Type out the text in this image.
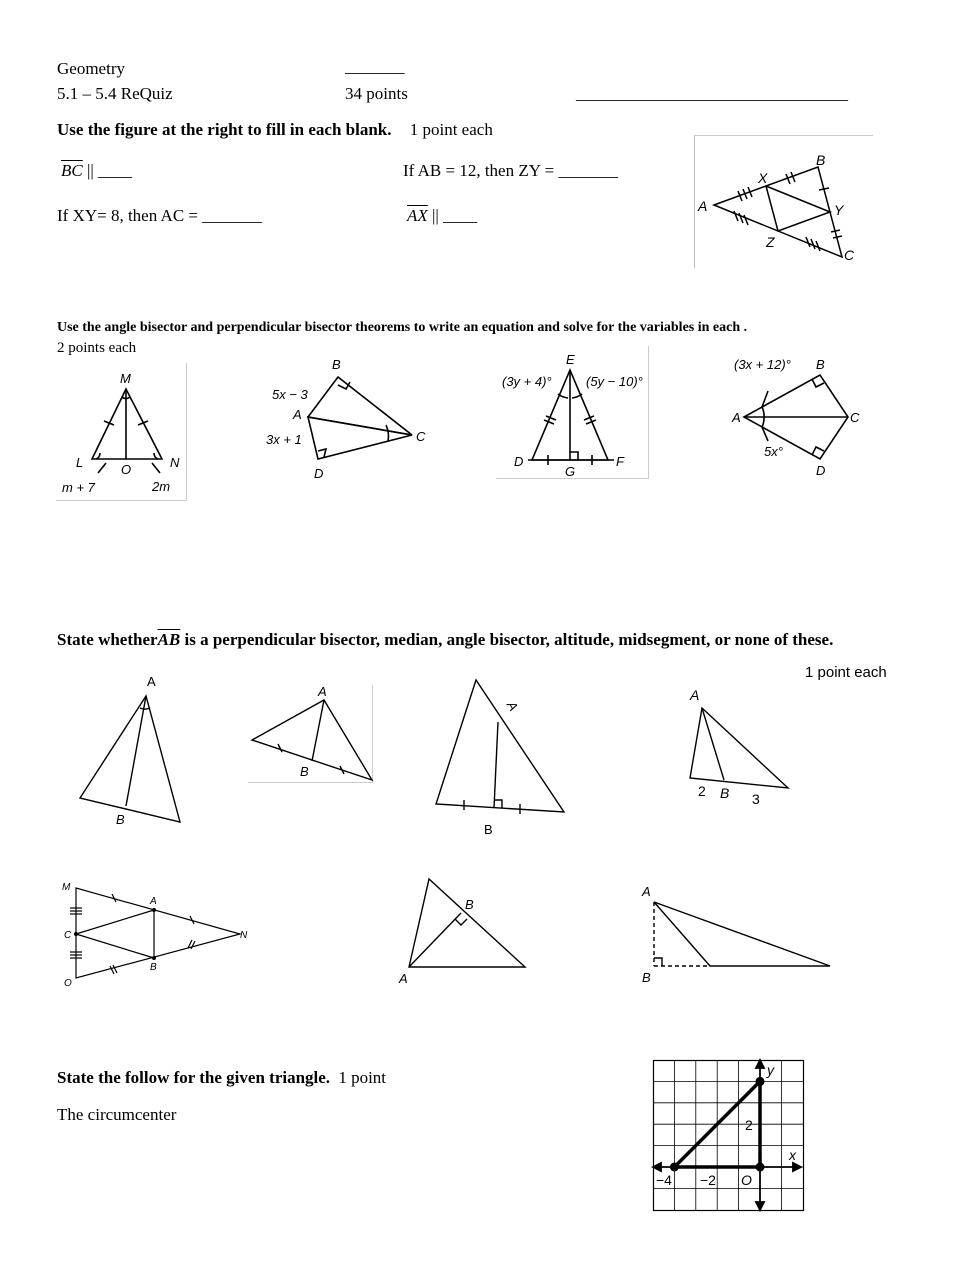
Geometry
5.1 – 5.4 ReQuiz
_______
34 points	________________________________
Use the figure at the right to fill in each blank. 1 point each
$\overline{BC}$ || ____	If AB = 12, then ZY = _______
If XY= 8, then AC = _______	$\overline{AX}$ || ____	A
B
C
X
Y
Z
Use the angle bisector and perpendicular bisector theorems to write an equation and solve for the variables in each .
2 points each
M
L	O	N
m + 7	2m
B
A
C
D
5x − 3
3x + 1
E
(3y + 4)°	(5y − 10)°
D
G
F
B
(3x + 12)°
A	C
5x°
D
State $whether\overline{AB}$ is a perpendicular bisector, median, angle bisector, altitude, midsegment, or none of these.
1 point each
A
B
A
B
A
B
A
2 B 3
M
A
N
C
B
O
B
A
A
B
State the follow for the given triangle. 1 point
The circumcenter
y
x
2
−4 −2 O
